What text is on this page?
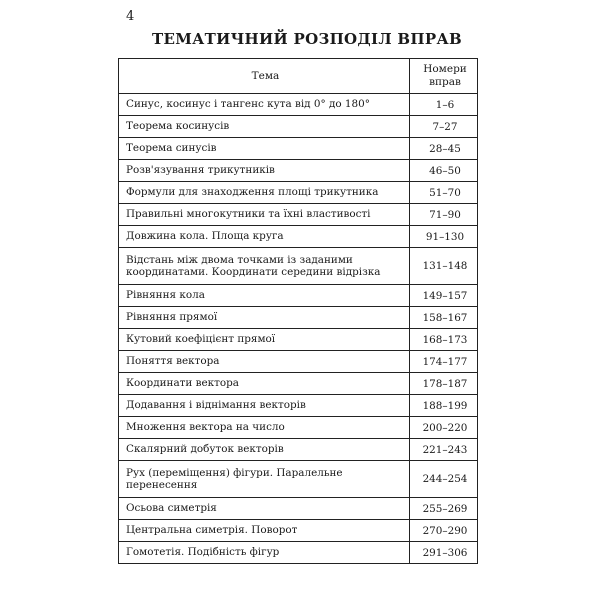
4
ТЕМАТИЧНИЙ РОЗПОДІЛ ВПРАВ
Тема	Номери вправ
Синус, косинус і тангенс кута від 0° до 180°	1–6
Теорема косинусів	7–27
Теорема синусів	28–45
Розв'язування трикутників	46–50
Формули для знаходження площі трикутника	51–70
Правильні многокутники та їхні властивості	71–90
Довжина кола. Площа круга	91–130
Відстань між двома точками із заданими координатами. Координати середини відрізка	131–148
Рівняння кола	149–157
Рівняння прямої	158–167
Кутовий коефіцієнт прямої	168–173
Поняття вектора	174–177
Координати вектора	178–187
Додавання і віднімання векторів	188–199
Множення вектора на число	200–220
Скалярний добуток векторів	221–243
Рух (переміщення) фігури. Паралельне перенесення	244–254
Осьова симетрія	255–269
Центральна симетрія. Поворот	270–290
Гомотетія. Подібність фігур	291–306
